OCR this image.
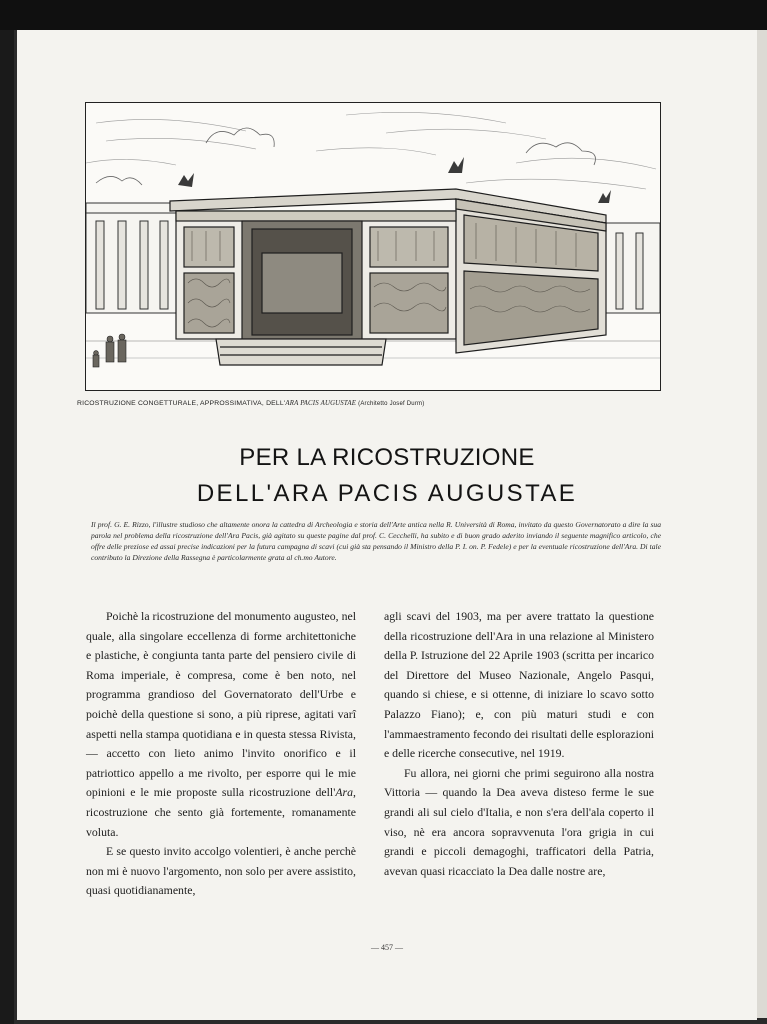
RICOSTRUZIONE CONGETTURALE, APPROSSIMATIVA, DELL'ARA PACIS AUGUSTAE (Architetto Josef Durm)
PER LA RICOSTRUZIONE
DELL'ARA PACIS AUGUSTAE
Il prof. G. E. Rizzo, l'illustre studioso che altamente onora la cattedra di Archeologia e storia dell'Arte antica nella R. Università di Roma, invitato da questo Governatorato a dire la sua parola nel problema della ricostruzione dell'Ara Pacis, già agitato su queste pagine dal prof. C. Cecchelli, ha subito e di buon grado aderito inviando il seguente magnifico articolo, che offre delle preziose ed assai precise indicazioni per la futura campagna di scavi (cui già sta pensando il Ministro della P. I. on. P. Fedele) e per la eventuale ricostruzione dell'Ara. Di tale contributo la Direzione della Rassegna è particolarmente grata al ch.mo Autore.

Poichè la ricostruzione del monumento augusteo, nel quale, alla singolare eccellenza di forme architettoniche e plastiche, è congiunta tanta parte del pensiero civile di Roma imperiale, è compresa, come è ben noto, nel programma grandioso del Governatorato dell'Urbe e poichè della questione si sono, a più riprese, agitati varî aspetti nella stampa quotidiana e in questa stessa Rivista, — accetto con lieto animo l'invito onorifico e il patriottico appello a me rivolto, per esporre qui le mie opinioni e le mie proposte sulla ricostruzione dell'Ara, ricostruzione che sento già fortemente, romanamente voluta.

E se questo invito accolgo volentieri, è anche perchè non mi è nuovo l'argomento, non solo per avere assistito, quasi quotidianamente,

agli scavi del 1903, ma per avere trattato la questione della ricostruzione dell'Ara in una relazione al Ministero della P. Istruzione del 22 Aprile 1903 (scritta per incarico del Direttore del Museo Nazionale, Angelo Pasqui, quando si chiese, e si ottenne, di iniziare lo scavo sotto Palazzo Fiano); e, con più maturi studi e con l'ammaestramento fecondo dei risultati delle esplorazioni e delle ricerche consecutive, nel 1919.

Fu allora, nei giorni che primi seguirono alla nostra Vittoria — quando la Dea aveva disteso ferme le sue grandi ali sul cielo d'Italia, e non s'era dell'ala coperto il viso, nè era ancora sopravvenuta l'ora grigia in cui grandi e piccoli demagoghi, trafficatori della Patria, avevan quasi ricacciato la Dea dalle nostre are,

— 457 —
